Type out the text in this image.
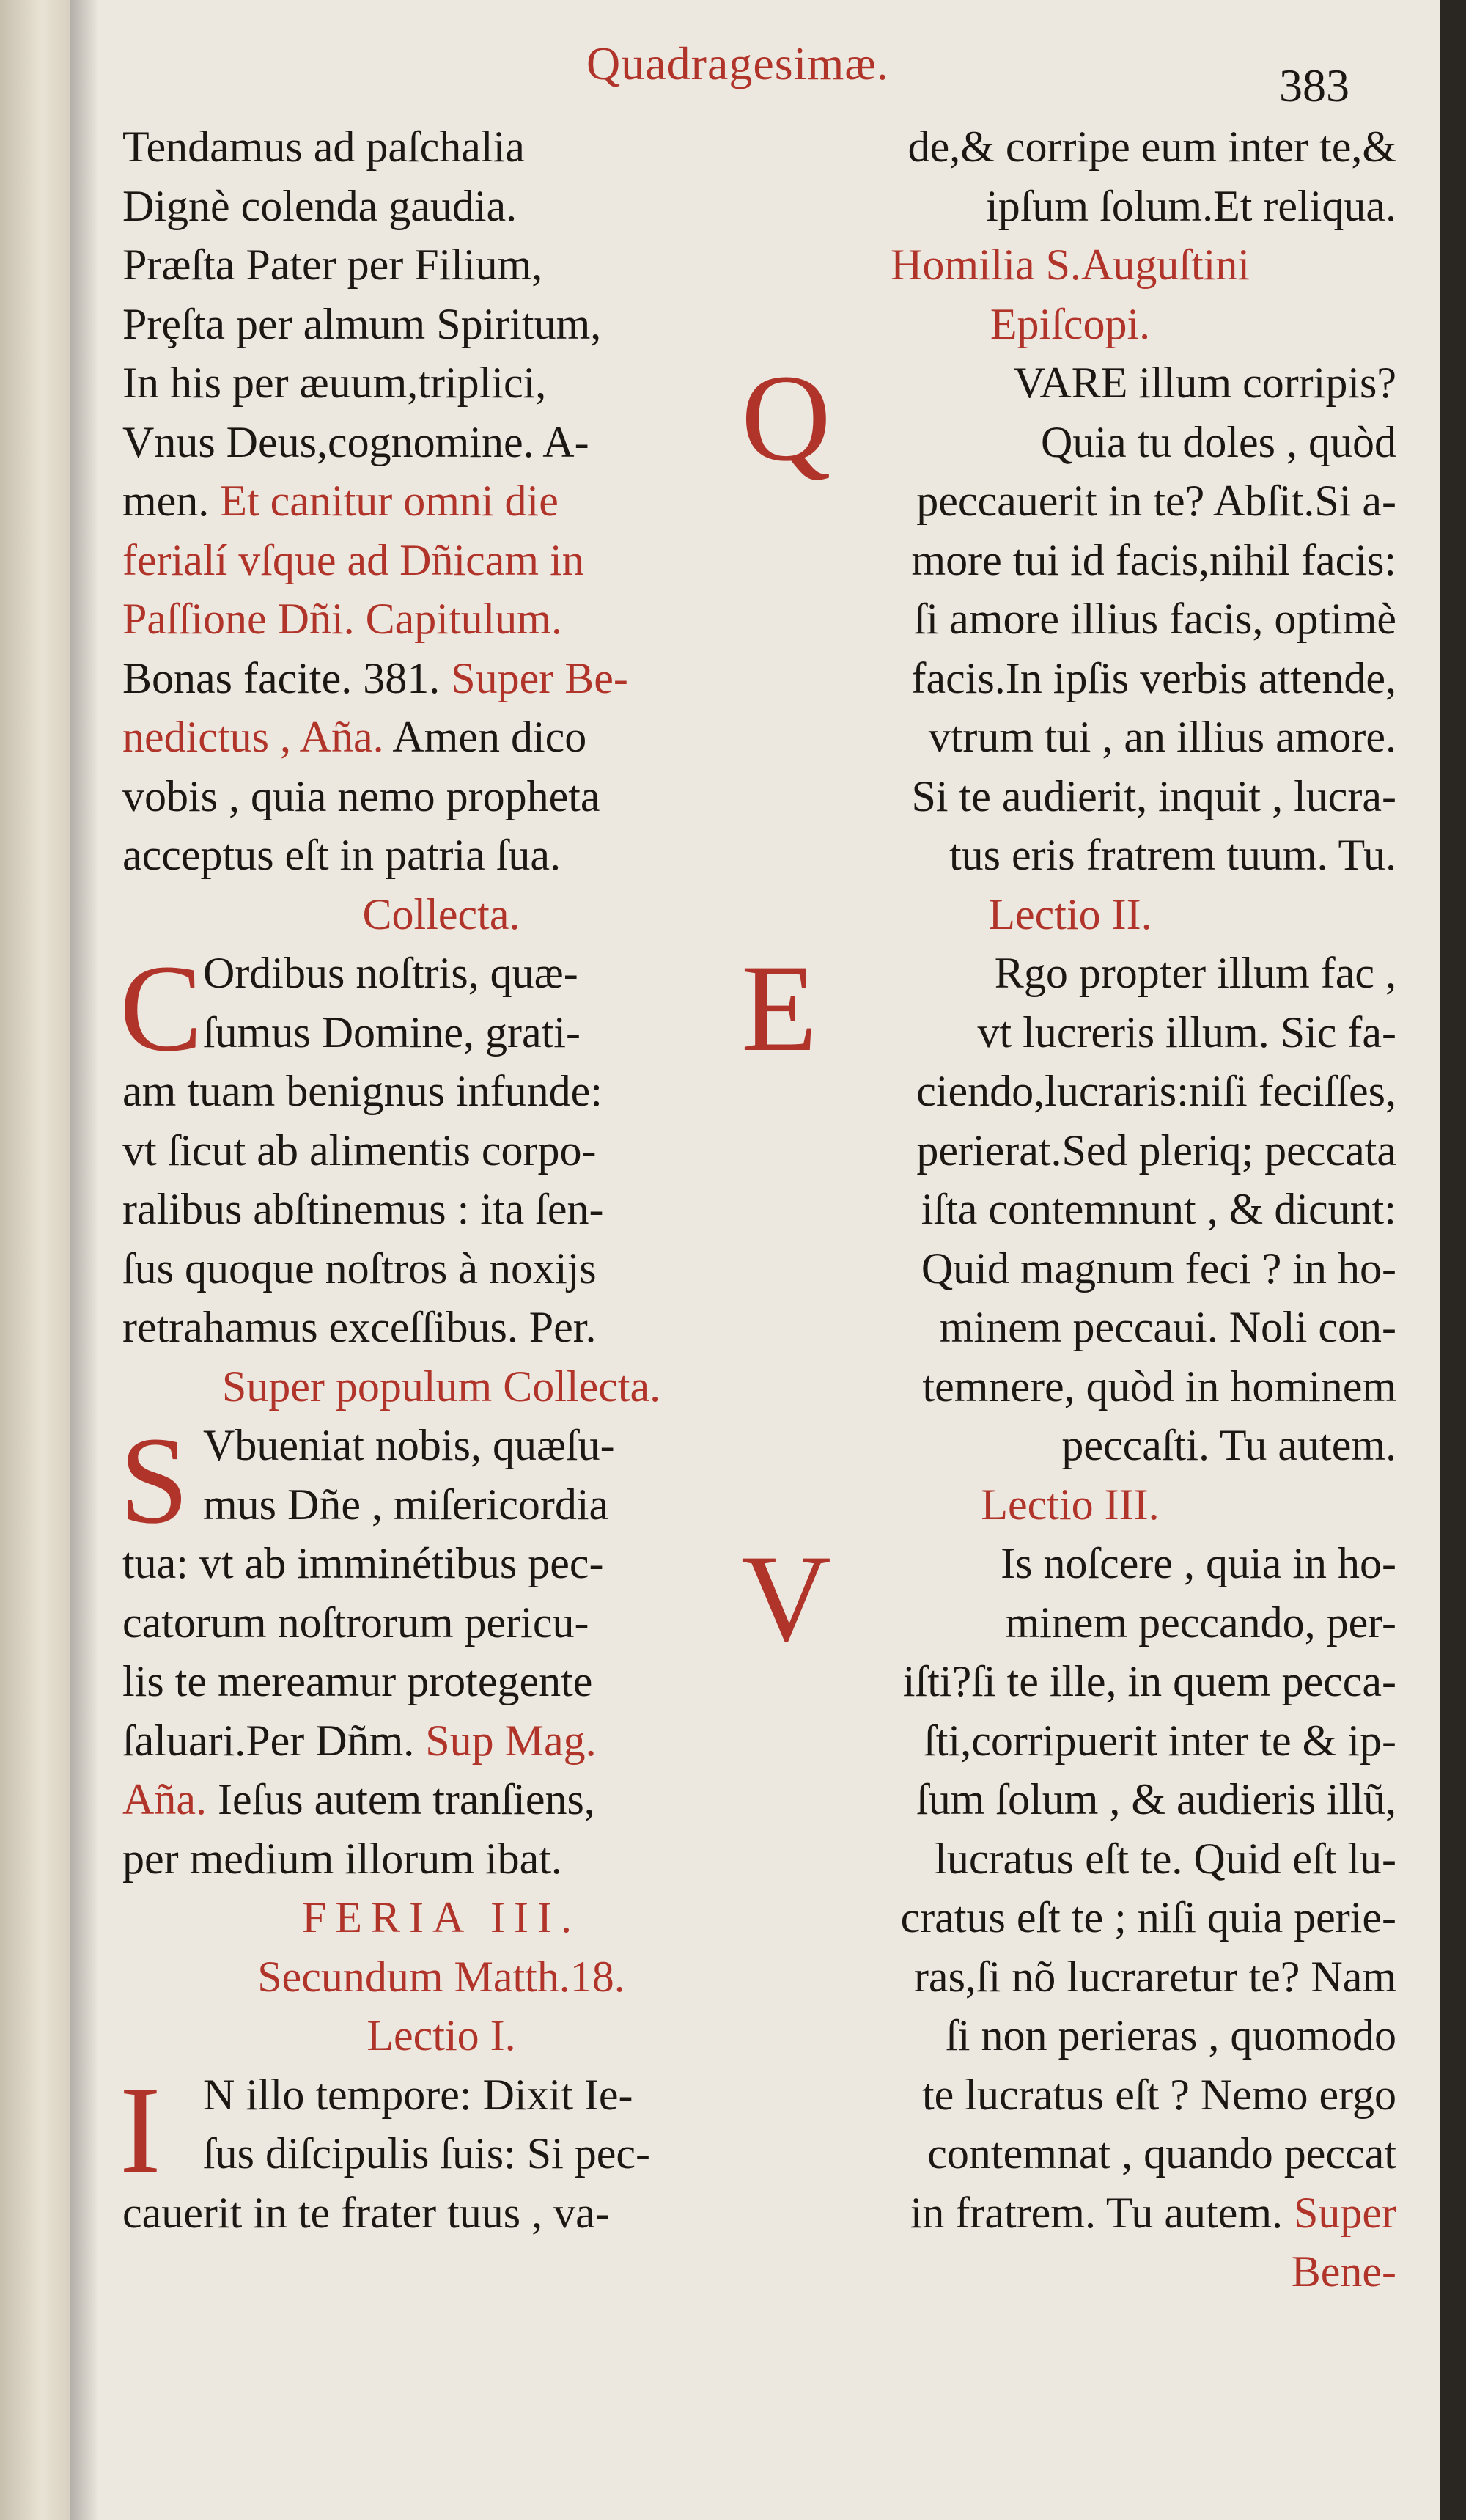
Quadragesimæ.	383
Tendamus ad paſchalia
Dignè colenda gaudia.
Præſta Pater per Filium,
Prȩſta per almum Spiritum,
In his per æuum,triplici,
Vnus Deus,cognomine. A-
men. Et canitur omni die
ferialí vſque ad Dñicam in
Paſſione Dñi. Capitulum.
Bonas facite. 381. Super Be-
nedictus , Aña. Amen dico
vobis , quia nemo propheta
acceptus eſt in patria ſua.
Collecta.
C Ordibus noſtris, quæ-
ſumus Domine, grati-
am tuam benignus infunde:
vt ſicut ab alimentis corpo-
ralibus abſtinemus : ita ſen-
ſus quoque noſtros à noxijs
retrahamus exceſſibus. Per.
Super populum Collecta.
S Vbueniat nobis, quæſu-
mus Dñe , miſericordia
tua: vt ab imminétibus pec-
catorum noſtrorum pericu-
lis te mereamur protegente
ſaluari.Per Dñm. Sup Mag.
Aña. Ieſus autem tranſiens,
per medium illorum ibat.
FERIA III.
Secundum Matth.18.
Lectio I.
I N illo tempore: Dixit Ie-
ſus diſcipulis ſuis: Si pec-
cauerit in te frater tuus , va-
de,& corripe eum inter te,&
ipſum ſolum.Et reliqua.
Homilia S.Auguſtini
Epiſcopi.
Q	VARE illum corripis?
Quia tu doles , quòd
peccauerit in te? Abſit.Si a-
more tui id facis,nihil facis:
ſi amore illius facis, optimè
facis.In ipſis verbis attende,
vtrum tui , an illius amore.
Si te audierit, inquit , lucra-
tus eris fratrem tuum. Tu.
Lectio II.
E	Rgo propter illum fac ,
vt lucreris illum. Sic fa-
ciendo,lucraris:niſi feciſſes,
perierat.Sed pleriq; peccata
iſta contemnunt , & dicunt:
Quid magnum feci ? in ho-
minem peccaui. Noli con-
temnere, quòd in hominem
peccaſti. Tu autem.
Lectio III.
V	Is noſcere , quia in ho-
minem peccando, per-
iſti?ſi te ille, in quem pecca-
ſti,corripuerit inter te & ip-
ſum ſolum , & audieris illũ,
lucratus eſt te. Quid eſt lu-
cratus eſt te ; niſi quia perie-
ras,ſi nõ lucraretur te? Nam
ſi non perieras , quomodo
te lucratus eſt ? Nemo ergo
contemnat , quando peccat
in fratrem. Tu autem. Super
Bene-
